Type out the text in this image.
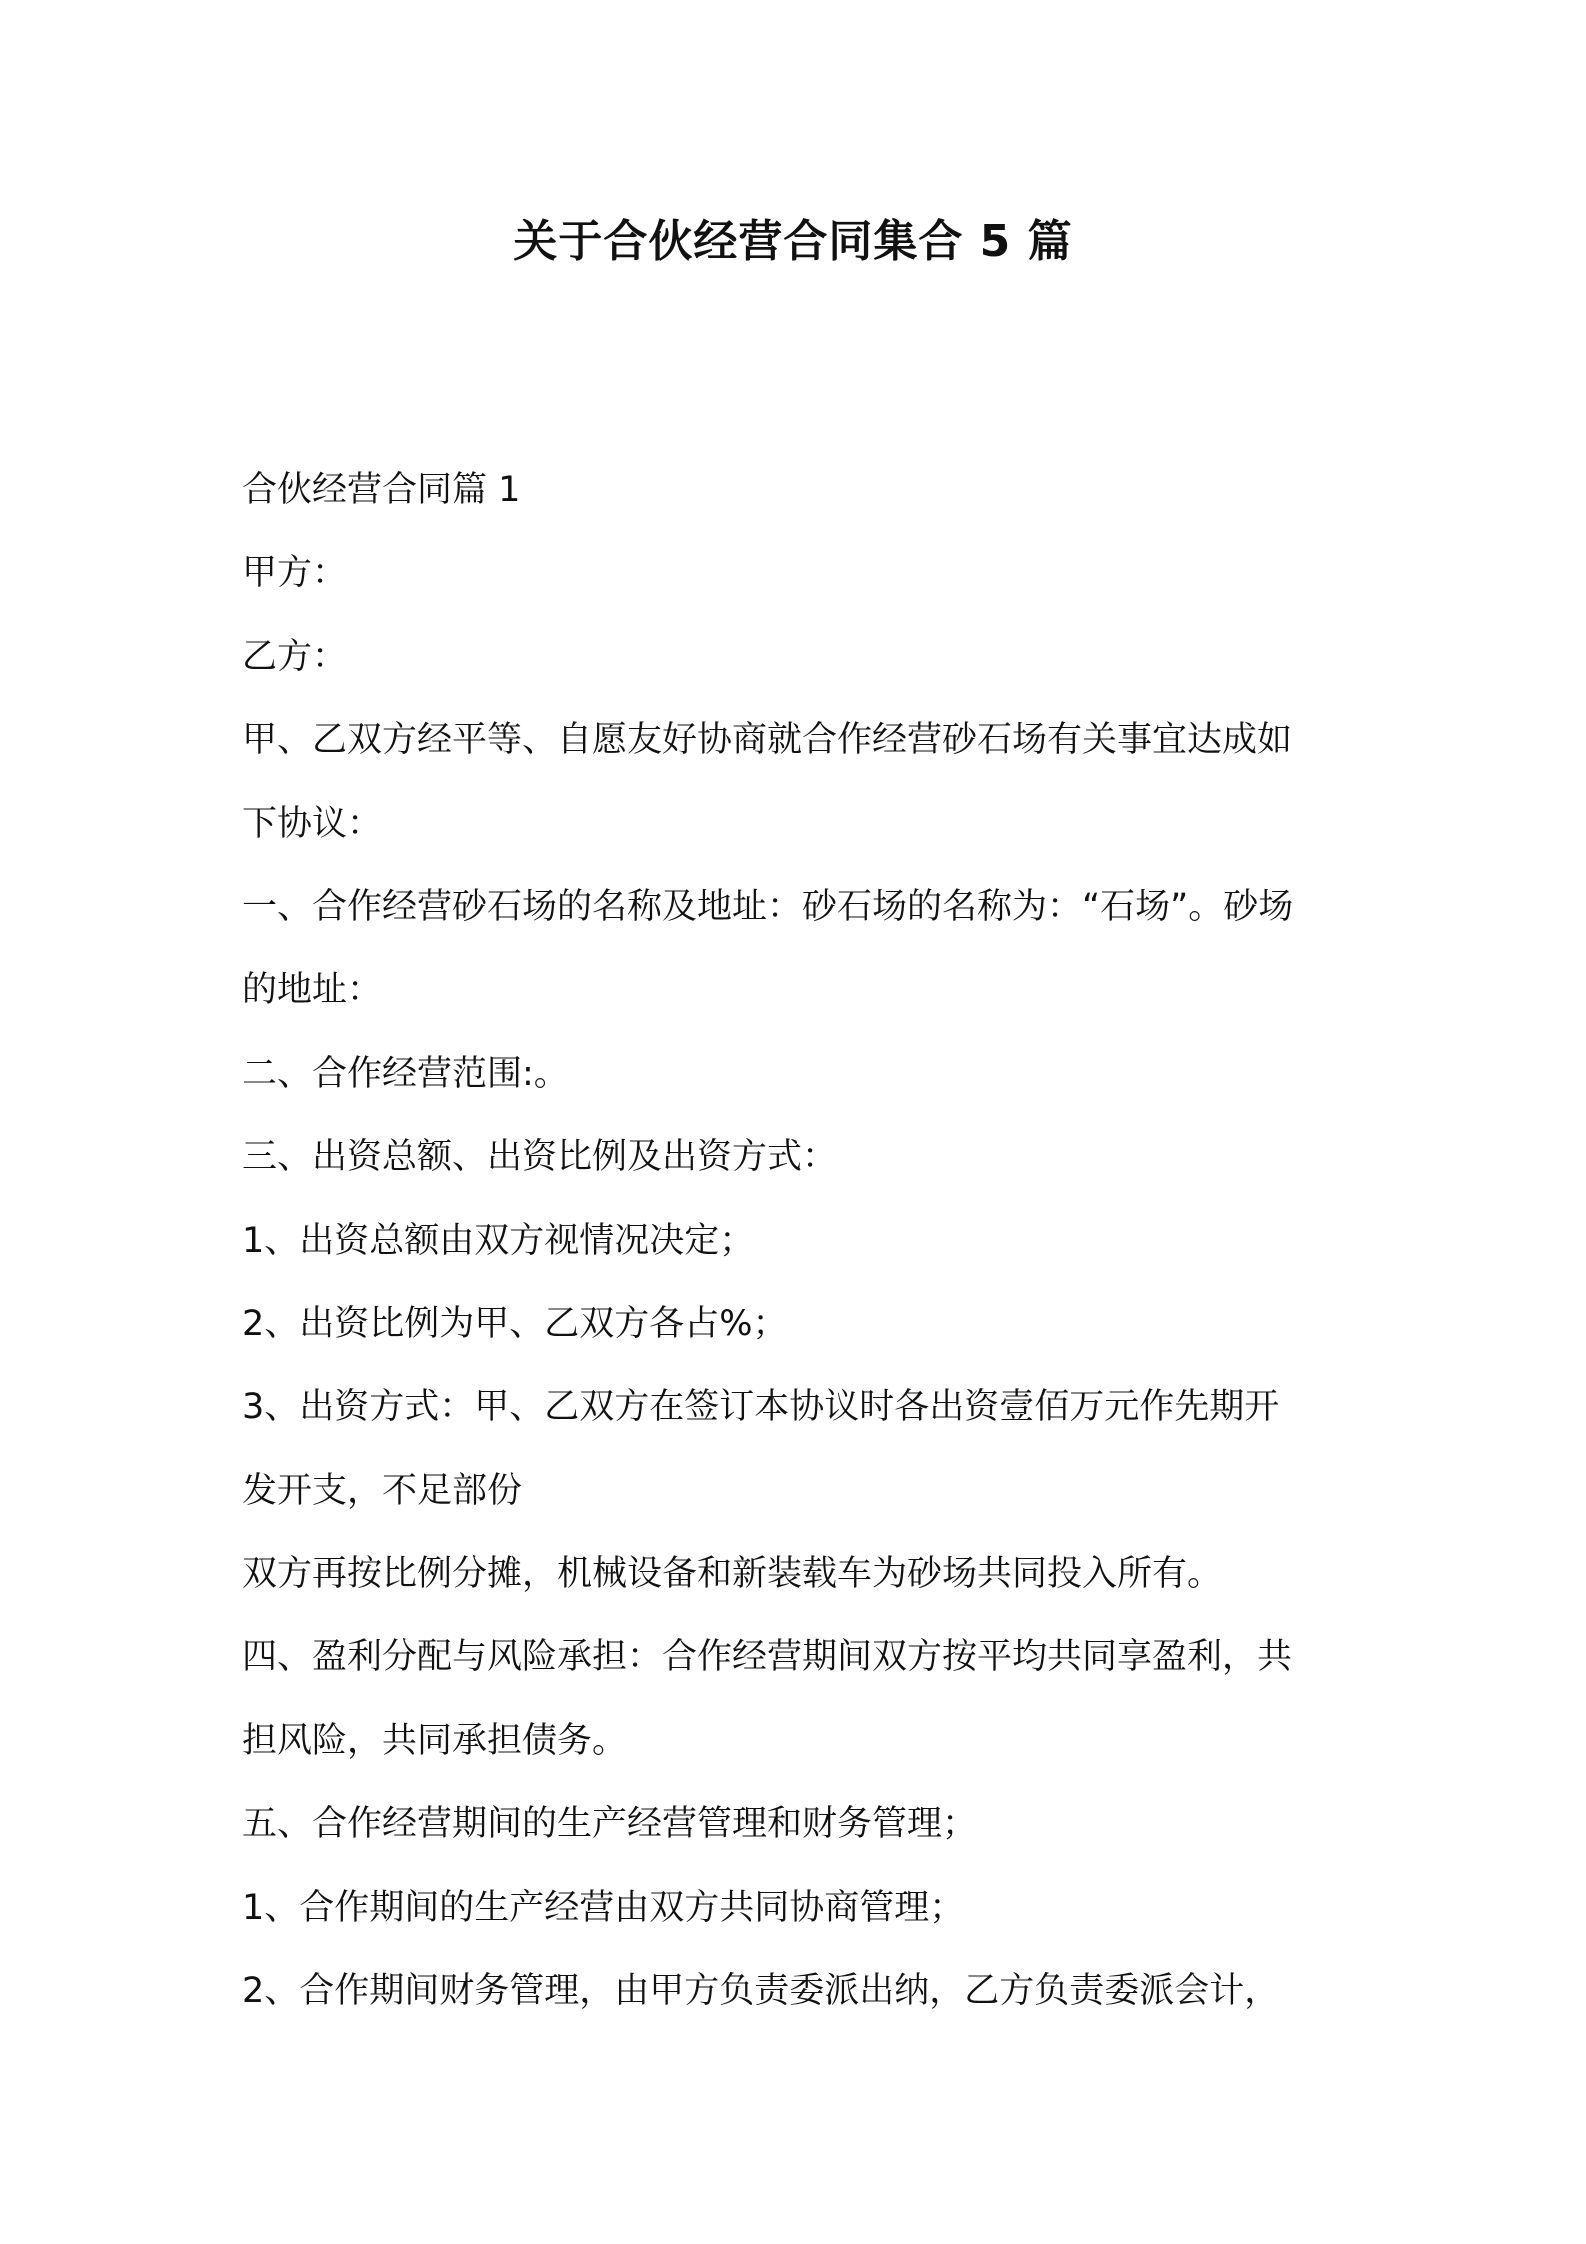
关于合伙经营合同集合 5 篇

合伙经营合同篇 1

甲方：

乙方：

甲、乙双方经平等、自愿友好协商就合作经营砂石场有关事宜达成如

下协议：

一、合作经营砂石场的名称及地址：砂石场的名称为：“石场”。砂场

的地址：

二、合作经营范围:。

三、出资总额、出资比例及出资方式：

1、出资总额由双方视情况决定；

2、出资比例为甲、乙双方各占%；

3、出资方式：甲、乙双方在签订本协议时各出资壹佰万元作先期开

发开支，不足部份

双方再按比例分摊，机械设备和新装载车为砂场共同投入所有。

四、盈利分配与风险承担：合作经营期间双方按平均共同享盈利，共

担风险，共同承担债务。

五、合作经营期间的生产经营管理和财务管理；

1、合作期间的生产经营由双方共同协商管理；

2、合作期间财务管理，由甲方负责委派出纳，乙方负责委派会计，
